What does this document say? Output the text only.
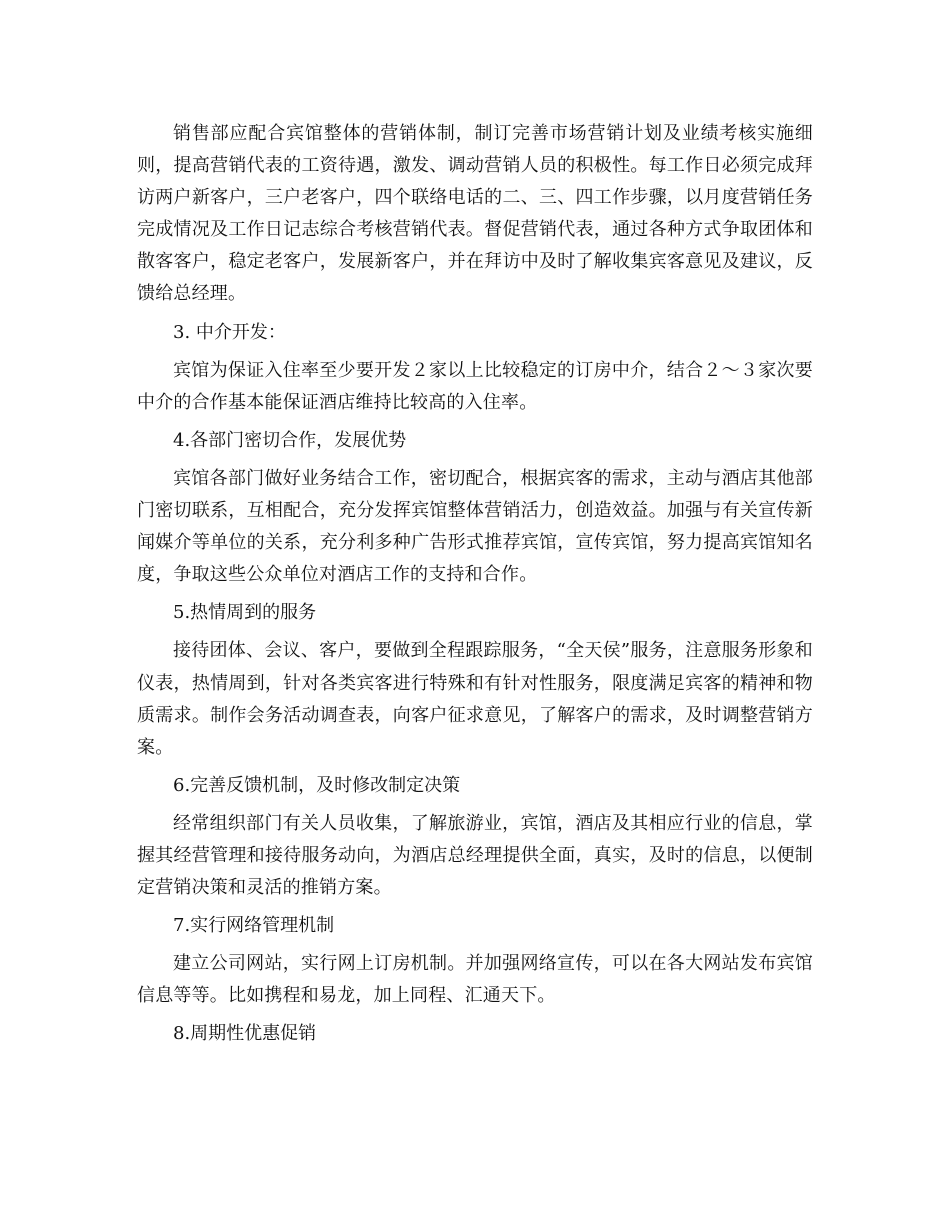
销售部应配合宾馆整体的营销体制，制订完善市场营销计划及业绩考核实施细则，提高营销代表的工资待遇，激发、调动营销人员的积极性。每工作日必须完成拜访两户新客户，三户老客户，四个联络电话的二、三、四工作步骤，以月度营销任务完成情况及工作日记志综合考核营销代表。督促营销代表，通过各种方式争取团体和散客客户，稳定老客户，发展新客户，并在拜访中及时了解收集宾客意见及建议，反馈给总经理。

3. 中介开发：

宾馆为保证入住率至少要开发２家以上比较稳定的订房中介，结合２～３家次要中介的合作基本能保证酒店维持比较高的入住率。

4.各部门密切合作，发展优势

宾馆各部门做好业务结合工作，密切配合，根据宾客的需求，主动与酒店其他部门密切联系，互相配合，充分发挥宾馆整体营销活力，创造效益。加强与有关宣传新闻媒介等单位的关系，充分利多种广告形式推荐宾馆，宣传宾馆，努力提高宾馆知名度，争取这些公众单位对酒店工作的支持和合作。

5.热情周到的服务

接待团体、会议、客户，要做到全程跟踪服务，“全天侯”服务，注意服务形象和仪表，热情周到，针对各类宾客进行特殊和有针对性服务，限度满足宾客的精神和物质需求。制作会务活动调查表，向客户征求意见，了解客户的需求，及时调整营销方案。

6.完善反馈机制，及时修改制定决策

经常组织部门有关人员收集，了解旅游业，宾馆，酒店及其相应行业的信息，掌握其经营管理和接待服务动向，为酒店总经理提供全面，真实，及时的信息，以便制定营销决策和灵活的推销方案。

7.实行网络管理机制

建立公司网站，实行网上订房机制。并加强网络宣传，可以在各大网站发布宾馆信息等等。比如携程和易龙，加上同程、汇通天下。

8.周期性优惠促销
